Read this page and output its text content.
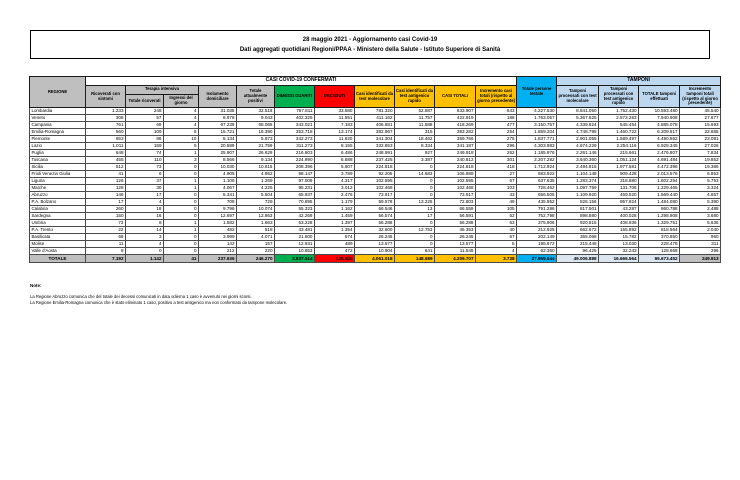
28 maggio 2021 - Aggiornamento casi Covid-19
Dati aggregati quotidiani Regioni/PPAA - Ministero della Salute - Istituto Superiore di Sanità
REGIONE	CASI COVID-19 CONFERMATI											Totale persone testate	TAMPONI			
	Ricoverati con sintomi	Terapia intensiva		Isolamento domiciliare	Totale attualmente positivi	DIMESSI GUARITI	DECEDUTI	Casi identificati da test molecolare	Casi identificati da test antigenico rapido	CASI TOTALI	Incremento casi totali (rispetto al giorno precedente)		Tamponi processati con test molecolare	Tamponi processati con test antigenico rapido	TOTALE tamponi effettuati	Incremento tamponi totali (rispetto al giorno precedente)
		Totale ricoverati	Ingressi del giorno													
Lombardia	1.233	248	4	31.035	32.516	767.811	33.580	781.320	52.587	833.907	643	4.227.530	8.841.050	1.752.430	10.593.480	45.540
Veneto	308	57	4	8.678	9.043	402.325	11.551	411.162	11.757	422.919	188	1.763.057	5.367.625	2.573.283	7.940.908	27.677
Campania	761	69	4	67.239	68.065	343.021	7.183	406.681	11.588	418.269	477	3.150.757	4.339.624	545.454	4.885.078	15.693
Emilia-Romagna	560	109	6	15.721	16.390	353.718	13.174	382.967	315	383.282	254	1.859.204	4.748.795	1.460.722	6.209.517	22.685
Piemonte	653	86	10	5.134	5.873	342.273	11.620	341.304	18.462	359.766	275	1.837.771	2.901.055	1.589.497	4.490.552	23.081
Lazio	1.011	159	5	20.589	21.759	311.273	8.155	332.853	8.334	341.187	296	4.303.983	4.674.229	2.254.116	6.928.345	27.026
Puglia	648	74	1	25.907	26.629	216.803	6.486	248.991	927	249.918	262	1.185.976	2.261.146	215.661	2.476.807	7.834
Toscana	455	110	3	8.566	9.134	224.990	6.688	237.425	3.387	240.812	301	2.207.282	3.640.360	1.051.124	4.691.484	19.853
Sicilia	512	73	0	10.030	10.615	208.396	5.807	224.818	0	224.818	418	1.712.924	2.494.815	1.977.581	4.472.396	19.386
Friuli Venezia Giulia	41	6	0	4.905	4.952	98.147	3.789	92.205	14.683	106.888	27	683.922	1.104.148	909.428	2.013.576	6.853
Liguria	126	37	1	1.106	1.269	97.009	4.317	102.595	0	102.595	67	637.635	1.283.374	318.880	1.602.254	5.753
Marche	128	30	1	4.067	4.225	95.231	3.012	102.468	0	102.468	103	728.462	1.097.759	131.706	1.229.465	3.324
Abruzzo	146	17	0	5.341	5.504	65.937	2.476	73.917	0	73.917	43	656.505	1.109.920	459.520	1.569.440	4.657
P.A. Bolzano	17	4	0	708	729	70.895	1.179	59.578	13.225	72.803	49	435.952	526.156	957.924	1.484.080	5.390
Calabria	260	18	0	9.796	10.074	55.323	1.162	66.546	13	66.559	105	791.286	817.501	43.287	860.788	2.488
Sardegna	150	16	0	12.697	12.863	42.269	1.459	56.574	17	56.591	52	752.798	898.880	400.028	1.298.908	3.680
Umbria	73	8	1	1.582	1.663	53.228	1.397	56.288	0	56.288	63	375.906	920.815	408.936	1.329.751	5.636
P.A. Trento	22	14	1	482	518	43.481	1.354	32.600	12.753	45.353	40	212.925	662.672	155.892	818.564	2.040
Basilicata	69	3	0	3.999	4.071	21.600	574	26.245	0	26.245	57	202.149	355.068	15.782	370.850	960
Molise	11	4	0	142	157	12.931	489	13.577	0	13.577	5	195.672	215.448	13.030	228.478	311
Valle d'Aosta	8	0	0	212	220	10.853	472	10.904	641	11.545	4	62.360	96.425	32.243	128.668	296
TOTALE	7.192	1.142	41	237.936	246.270	3.837.514	125.924	4.061.018	148.689	4.209.707	3.738	27.959.544	49.006.888	16.666.564	65.673.452	249.913
Note:
La Regione Abruzzo comunica che del totale dei decessi comunicati in data odierna 1 caso è avvenuto nei giorni scorsi.
La Regione Emilia-Romagna comunica che è stato eliminato 1 caso, positivo a test antigenico ma non confermato da tampone molecolare.
